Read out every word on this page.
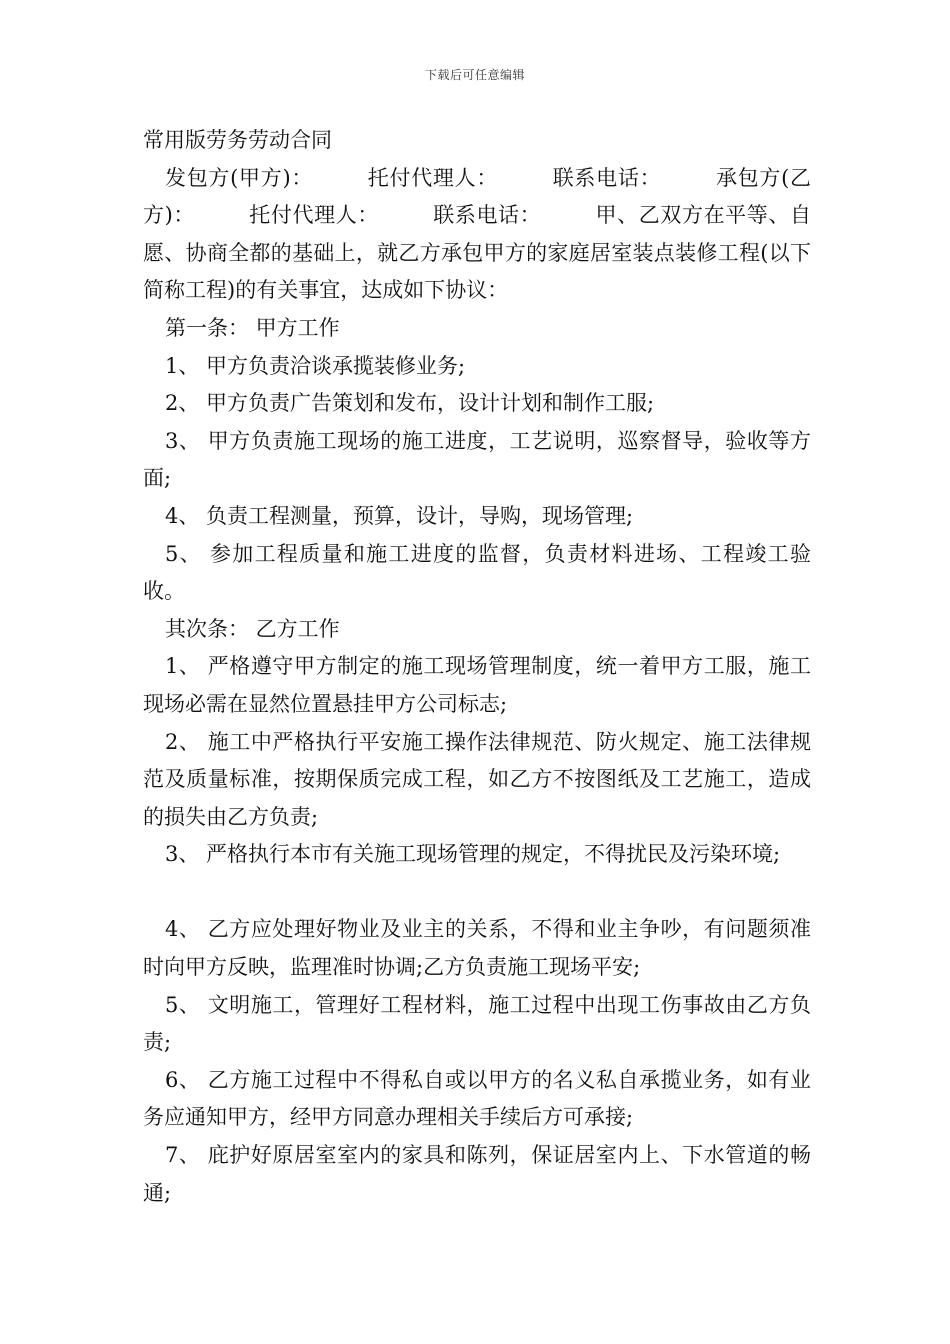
下载后可任意编辑

常用版劳务劳动合同

发包方(甲方)：　　　托付代理人：　　　联系电话：　　　承包方(乙方)：　　　托付代理人：　　　联系电话：　　　甲、乙双方在平等、自愿、协商全都的基础上，就乙方承包甲方的家庭居室装点装修工程(以下简称工程)的有关事宜，达成如下协议：

第一条： 甲方工作

1、 甲方负责洽谈承揽装修业务;

2、 甲方负责广告策划和发布，设计计划和制作工服;

3、 甲方负责施工现场的施工进度，工艺说明，巡察督导，验收等方面;

4、 负责工程测量，预算，设计，导购，现场管理;

5、 参加工程质量和施工进度的监督，负责材料进场、工程竣工验收。

其次条： 乙方工作

1、 严格遵守甲方制定的施工现场管理制度，统一着甲方工服，施工现场必需在显然位置悬挂甲方公司标志;

2、 施工中严格执行平安施工操作法律规范、防火规定、施工法律规范及质量标准，按期保质完成工程，如乙方不按图纸及工艺施工，造成的损失由乙方负责;

3、 严格执行本市有关施工现场管理的规定，不得扰民及污染环境;

4、 乙方应处理好物业及业主的关系，不得和业主争吵，有问题须准时向甲方反映，监理准时协调;乙方负责施工现场平安;

5、 文明施工，管理好工程材料，施工过程中出现工伤事故由乙方负责;

6、 乙方施工过程中不得私自或以甲方的名义私自承揽业务，如有业务应通知甲方，经甲方同意办理相关手续后方可承接;

7、 庇护好原居室室内的家具和陈列，保证居室内上、下水管道的畅通;
